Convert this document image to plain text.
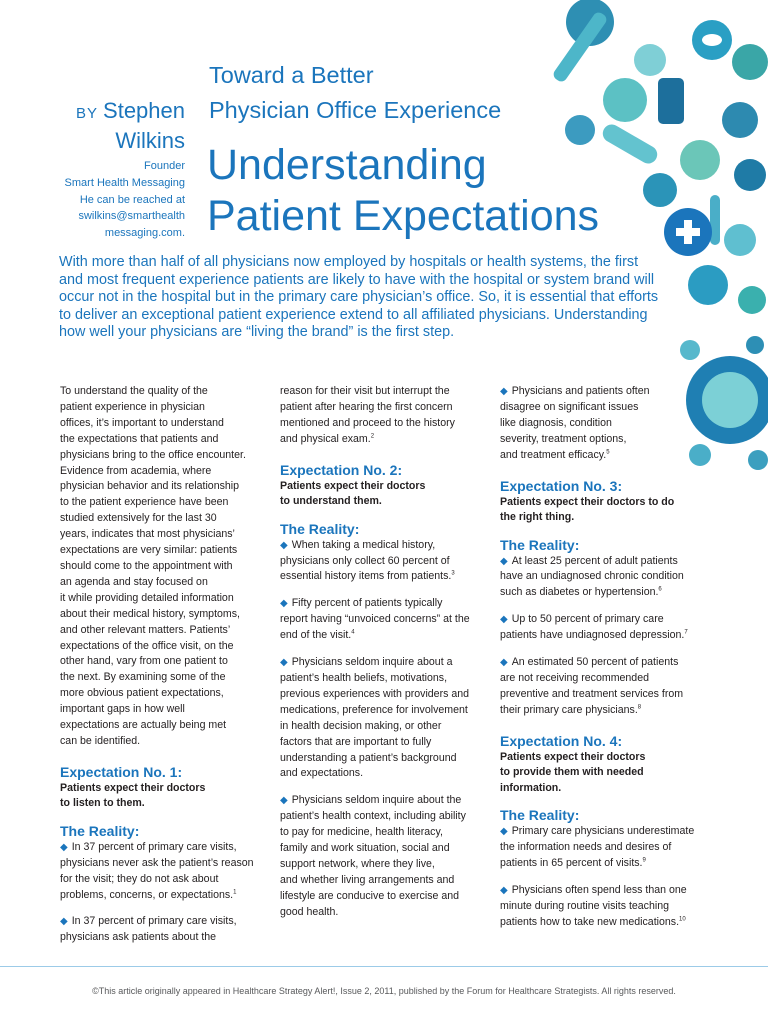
BY Stephen
Wilkins
Founder
Smart Health Messaging
He can be reached at
swilkins@smarthealth
messaging.com.
Toward a Better
Physician Office Experience
Understanding
Patient Expectations
With more than half of all physicians now employed by hospitals or health systems, the first and most frequent experience patients are likely to have with the hospital or system brand will occur not in the hospital but in the primary care physician’s office. So, it is essential that efforts to deliver an exceptional patient experience extend to all affiliated physicians. Understanding how well your physicians are “living the brand” is the first step.

To understand the quality of the
patient experience in physician
offices, it’s important to understand
the expectations that patients and
physicians bring to the office encounter.
Evidence from academia, where
physician behavior and its relationship
to the patient experience have been
studied extensively for the last 30
years, indicates that most physicians’
expectations are very similar: patients
should come to the appointment with
an agenda and stay focused on
it while providing detailed information
about their medical history, symptoms,
and other relevant matters. Patients’
expectations of the office visit, on the
other hand, vary from one patient to
the next. By examining some of the
more obvious patient expectations,
important gaps in how well
expectations are actually being met
can be identified.

Expectation No. 1:
Patients expect their doctors
to listen to them.
The Reality:

◆ In 37 percent of primary care visits,
physicians never ask the patient’s reason
for the visit; they do not ask about
problems, concerns, or expectations.$^1$

◆ In 37 percent of primary care visits,
physicians ask patients about the

reason for their visit but interrupt the
patient after hearing the first concern
mentioned and proceed to the history
and physical exam.$^2$

Expectation No. 2:
Patients expect their doctors
to understand them.
The Reality:

◆ When taking a medical history,
physicians only collect 60 percent of
essential history items from patients.$^3$

◆ Fifty percent of patients typically
report having “unvoiced concerns” at the
end of the visit.$^4$

◆ Physicians seldom inquire about a
patient’s health beliefs, motivations,
previous experiences with providers and
medications, preference for involvement
in health decision making, or other
factors that are important to fully
understanding a patient’s background
and expectations.

◆ Physicians seldom inquire about the
patient’s health context, including ability
to pay for medicine, health literacy,
family and work situation, social and
support network, where they live,
and whether living arrangements and
lifestyle are conducive to exercise and
good health.

◆ Physicians and patients often
disagree on significant issues
like diagnosis, condition
severity, treatment options,
and treatment efficacy.$^5$

Expectation No. 3:
Patients expect their doctors to do
the right thing.
The Reality:

◆ At least 25 percent of adult patients
have an undiagnosed chronic condition
such as diabetes or hypertension.$^6$

◆ Up to 50 percent of primary care
patients have undiagnosed depression.$^7$

◆ An estimated 50 percent of patients
are not receiving recommended
preventive and treatment services from
their primary care physicians.$^8$

Expectation No. 4:
Patients expect their doctors
to provide them with needed
information.
The Reality:

◆ Primary care physicians underestimate
the information needs and desires of
patients in 65 percent of visits.$^9$

◆ Physicians often spend less than one
minute during routine visits teaching
patients how to take new medications.$^{10}$

©This article originally appeared in Healthcare Strategy Alert!, Issue 2, 2011, published by the Forum for Healthcare Strategists. All rights reserved.
